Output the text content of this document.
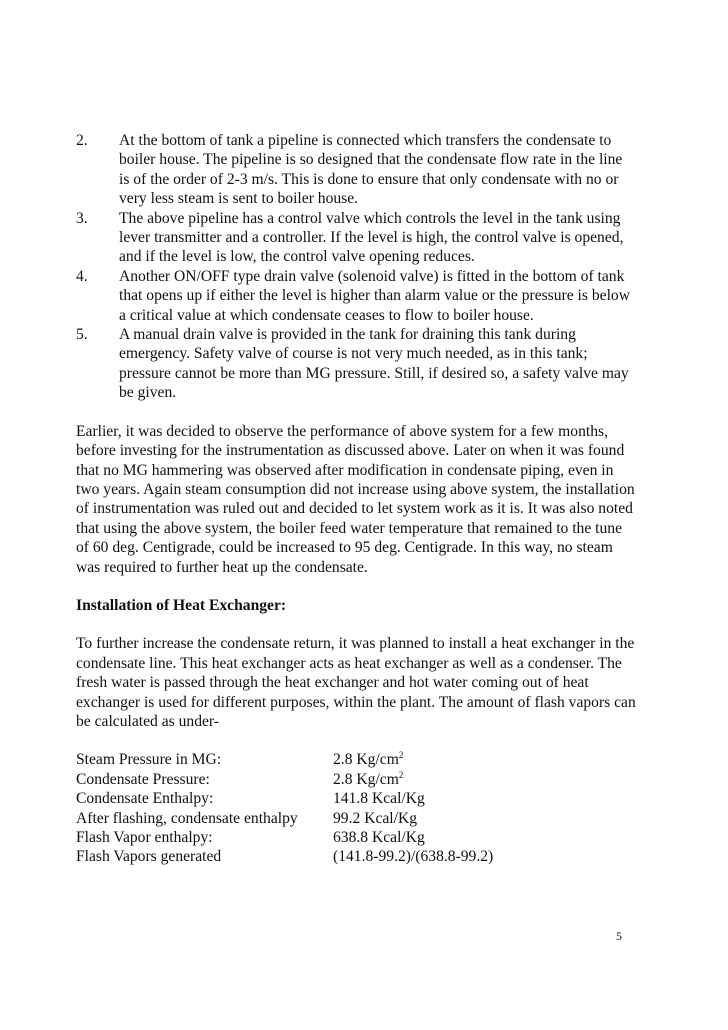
2. At the bottom of tank a pipeline is connected which transfers the condensate to boiler house. The pipeline is so designed that the condensate flow rate in the line is of the order of 2-3 m/s. This is done to ensure that only condensate with no or very less steam is sent to boiler house.
3. The above pipeline has a control valve which controls the level in the tank using lever transmitter and a controller. If the level is high, the control valve is opened, and if the level is low, the control valve opening reduces.
4. Another ON/OFF type drain valve (solenoid valve) is fitted in the bottom of tank that opens up if either the level is higher than alarm value or the pressure is below a critical value at which condensate ceases to flow to boiler house.
5. A manual drain valve is provided in the tank for draining this tank during emergency. Safety valve of course is not very much needed, as in this tank; pressure cannot be more than MG pressure. Still, if desired so, a safety valve may be given.

Earlier, it was decided to observe the performance of above system for a few months, before investing for the instrumentation as discussed above. Later on when it was found that no MG hammering was observed after modification in condensate piping, even in two years. Again steam consumption did not increase using above system, the installation of instrumentation was ruled out and decided to let system work as it is. It was also noted that using the above system, the boiler feed water temperature that remained to the tune of 60 deg. Centigrade, could be increased to 95 deg. Centigrade. In this way, no steam was required to further heat up the condensate.

Installation of Heat Exchanger:

To further increase the condensate return, it was planned to install a heat exchanger in the condensate line. This heat exchanger acts as heat exchanger as well as a condenser. The fresh water is passed through the heat exchanger and hot water coming out of heat exchanger is used for different purposes, within the plant. The amount of flash vapors can be calculated as under-

Steam Pressure in MG:	2.8 $Kg/cm^2$
Condensate Pressure:	2.8 $Kg/cm^2$
Condensate Enthalpy:	141.8 Kcal/Kg
After flashing, condensate enthalpy	99.2 Kcal/Kg
Flash Vapor enthalpy:	638.8 Kcal/Kg
Flash Vapors generated	(141.8-99.2)/(638.8-99.2)
5
